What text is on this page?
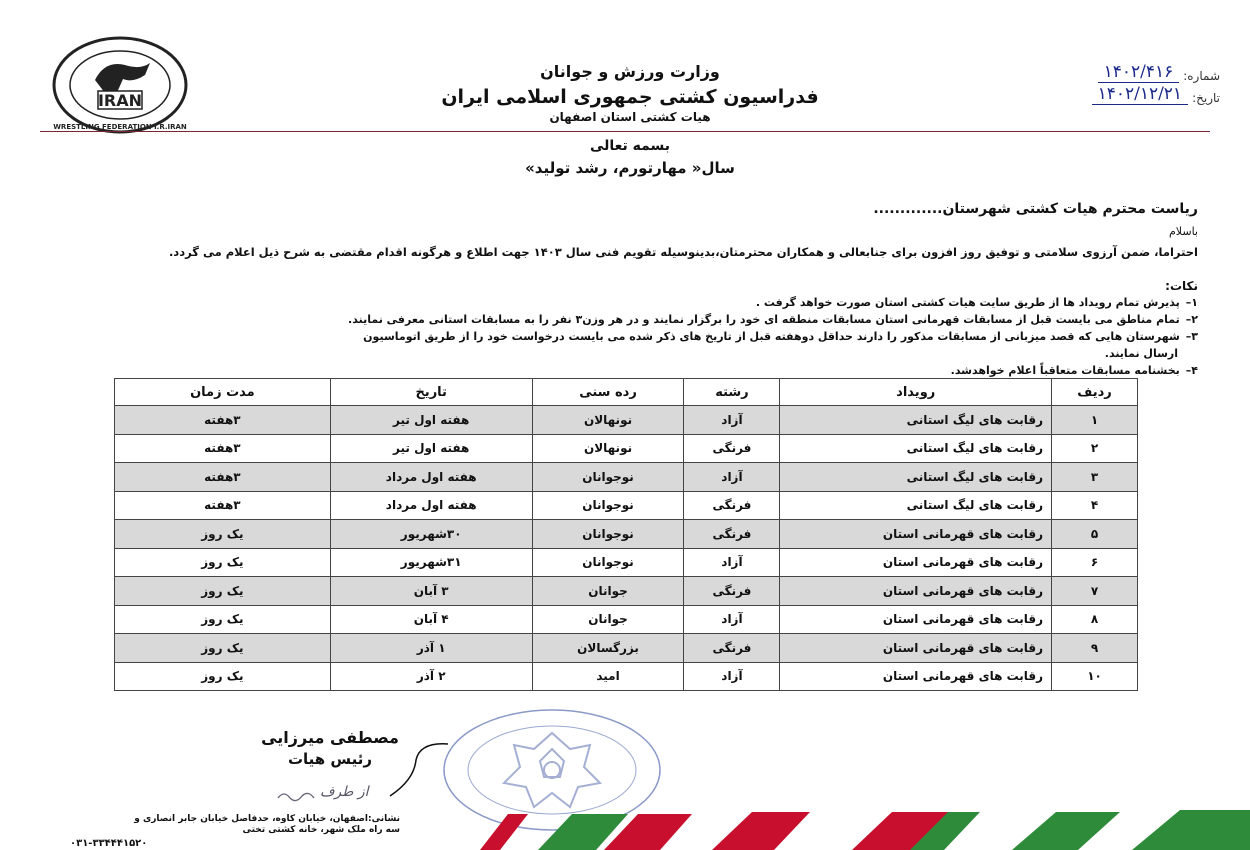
IRAN
WRESTLING FEDERATION I.R.IRAN
وزارت ورزش و جوانان
فدراسیون کشتی جمهوری اسلامی ایران
هیات کشتی استان اصفهان
شماره:
۱۴۰۲/۴۱۶
تاریخ:
۱۴۰۲/۱۲/۲۱
بسمه تعالی
سال« مهارتورم، رشد تولید»
ریاست محترم هیات کشتی شهرستان.............
باسلام
احتراما، ضمن آرزوی سلامتی و توفیق روز افزون برای جنابعالی و همکاران محترمتان،بدینوسیله تقویم فنی سال ۱۴۰۳ جهت اطلاع و هرگونه اقدام مقتضی به شرح ذیل اعلام می گردد.
نکات:
۱–پذیرش تمام رویداد ها از طریق سایت هیات کشتی استان صورت خواهد گرفت .
۲–تمام مناطق می بایست قبل از مسابقات قهرمانی استان مسابقات منطقه ای خود را برگزار نمایند و در هر وزن۳ نفر را به مسابقات استانی معرفی نمایند.
۳–شهرستان هایی که قصد میزبانی از مسابقات مذکور را دارند حداقل دوهفته قبل از تاریخ های ذکر شده می بایست درخواست خود را از طریق اتوماسیون
ارسال نمایند.
۴–بخشنامه مسابقات متعاقباً اعلام خواهدشد.
ردیف	رویداد	رشته	رده سنی	تاریخ	مدت زمان
۱	رقابت های لیگ استانی	آزاد	نونهالان	هفته اول تیر	۳هفته
۲	رقابت های لیگ استانی	فرنگی	نونهالان	هفته اول تیر	۳هفته
۳	رقابت های لیگ استانی	آزاد	نوجوانان	هفته اول مرداد	۳هفته
۴	رقابت های لیگ استانی	فرنگی	نوجوانان	هفته اول مرداد	۳هفته
۵	رقابت های قهرمانی استان	فرنگی	نوجوانان	۳۰شهریور	یک روز
۶	رقابت های قهرمانی استان	آزاد	نوجوانان	۳۱شهریور	یک روز
۷	رقابت های قهرمانی استان	فرنگی	جوانان	۳ آبان	یک روز
۸	رقابت های قهرمانی استان	آزاد	جوانان	۴ آبان	یک روز
۹	رقابت های قهرمانی استان	فرنگی	بزرگسالان	۱ آذر	یک روز
۱۰	رقابت های قهرمانی استان	آزاد	امید	۲ آذر	یک روز
مصطفی میرزایی
رئیس هیات
از طرف
نشانی:اصفهان، خیابان کاوه، حدفاصل خیابان جابر انصاری و
سه راه ملک شهر، خانه کشتی تختی
۰۳۱-۳۳۴۴۴۱۵۲۰
